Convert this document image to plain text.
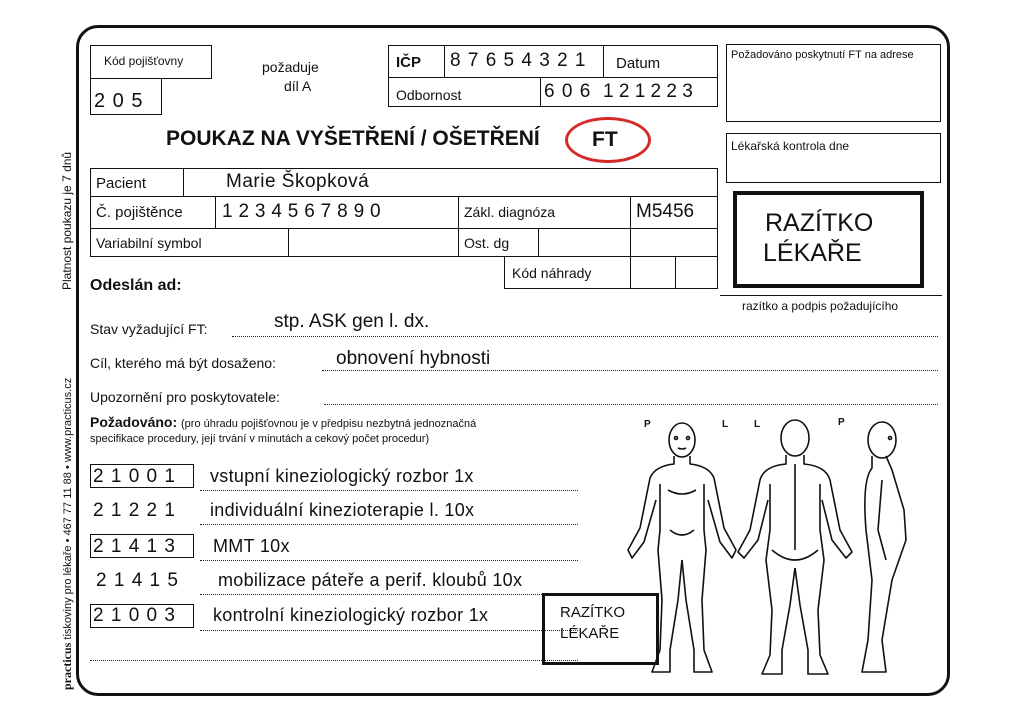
Platnost poukazu je 7 dnů
practicus tiskoviny pro lékaře • 467 77 11 88 • www.practicus.cz
Kód pojišťovny
2 0 5
požaduje
díl A
IČP 8 7 6 5 4 3 2 1 Datum
Odbornost	6 0 6 1 2 1 2 2 3
POUKAZ NA VYŠETŘENÍ / OŠETŘENÍ FT
Požadováno poskytnutí FT na adrese
Lékařská kontrola dne
RAZÍTKO
LÉKAŘE
razítko a podpis požadujícího
Pacient	Marie Škopková
Č. pojištěnce 1 2 3 4 5 6 7 8 9 0	Zákl. diagnóza	M5456
Variabilní symbol	Ost. dg
Kód náhrady
Odeslán ad:
Stav vyžadující FT:	stp. ASK gen l. dx.
Cíl, kterého má být dosaženo:	obnovení hybnosti
Upozornění pro poskytovatele:
Požadováno: (pro úhradu pojišťovnou je v předpisu nezbytná jednoznačná
specifikace procedury, její trvání v minutách a cekový počet procedur)
2 1 0 0 1 vstupní kineziologický rozbor 1x
2 1 2 2 1 individuální kinezioterapie l. 10x
2 1 4 1 3 MMT 10x
2 1 4 1 5 mobilizace páteře a perif. kloubů 10x
2 1 0 0 3 kontrolní kineziologický rozbor 1x	RAZÍTKO
LÉKAŘE
P	L	L	P
